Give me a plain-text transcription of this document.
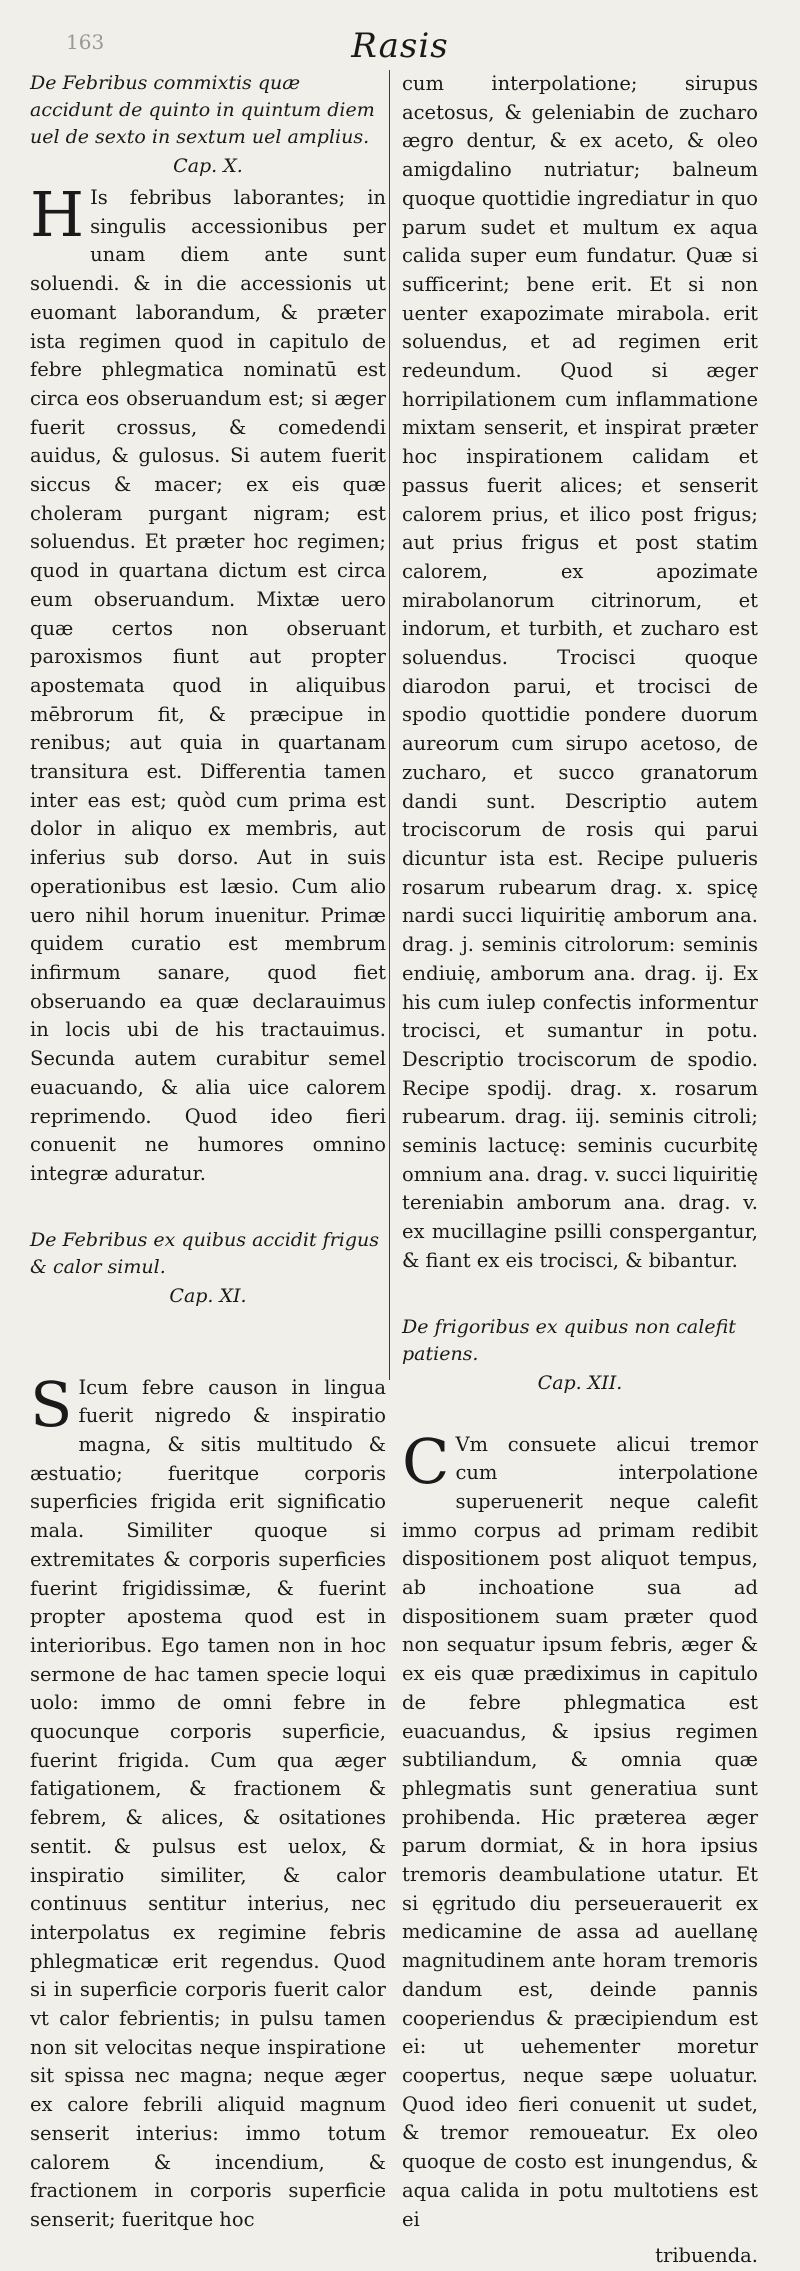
163	Rasis
De Febribus commixtis quæ accidunt de quinto in quintum diem uel de sexto in sextum uel amplius.
Cap. X.

H Is febribus laborantes; in singulis accessionibus per unam diem ante sunt soluendi. & in die accessionis ut euomant laborandum, & præter ista regimen quod in capitulo de febre phlegmatica nominatū est circa eos obseruandum est; si æger fuerit crossus, & comedendi auidus, & gulosus. Si autem fuerit siccus & macer; ex eis quæ choleram purgant nigram; est soluendus. Et præter hoc regimen; quod in quartana dictum est circa eum obseruandum. Mixtæ uero quæ certos non obseruant paroxismos fiunt aut propter apostemata quod in aliquibus mēbrorum fit, & præcipue in renibus; aut quia in quartanam transitura est. Differentia tamen inter eas est; quòd cum prima est dolor in aliquo ex membris, aut inferius sub dorso. Aut in suis operationibus est læsio. Cum alio uero nihil horum inuenitur. Primæ quidem curatio est membrum infirmum sanare, quod fiet obseruando ea quæ declarauimus in locis ubi de his tractauimus. Secunda autem curabitur semel euacuando, & alia uice calorem reprimendo. Quod ideo fieri conuenit ne humores omnino integræ aduratur.

De Febribus ex quibus accidit frigus & calor simul.
Cap. XI.

S Icum febre causon in lingua fuerit nigredo & inspiratio magna, & sitis multitudo & æstuatio; fueritque corporis superficies frigida erit significatio mala. Similiter quoque si extremitates & corporis superficies fuerint frigidissimæ, & fuerint propter apostema quod est in interioribus. Ego tamen non in hoc sermone de hac tamen specie loqui uolo: immo de omni febre in quocunque corporis superficie, fuerint frigida. Cum qua æger fatigationem, & fractionem & febrem, & alices, & ositationes sentit. & pulsus est uelox, & inspiratio similiter, & calor continuus sentitur interius, nec interpolatus ex regimine febris phlegmaticæ erit regendus. Quod si in superficie corporis fuerit calor vt calor febrientis; in pulsu tamen non sit velocitas neque inspiratione sit spissa nec magna; neque æger ex calore febrili aliquid magnum senserit interius: immo totum calorem & incendium, & fractionem in corporis superficie senserit; fueritque hoc

cum interpolatione; sirupus acetosus, & geleniabin de zucharo ægro dentur, & ex aceto, & oleo amigdalino nutriatur; balneum quoque quottidie ingrediatur in quo parum sudet et multum ex aqua calida super eum fundatur. Quæ si sufficerint; bene erit. Et si non uenter exapozimate mirabola. erit soluendus, et ad regimen erit redeundum. Quod si æger horripilationem cum inflammatione mixtam senserit, et inspirat præter hoc inspirationem calidam et passus fuerit alices; et senserit calorem prius, et ilico post frigus; aut prius frigus et post statim calorem, ex apozimate mirabolanorum citrinorum, et indorum, et turbith, et zucharo est soluendus. Trocisci quoque diarodon parui, et trocisci de spodio quottidie pondere duorum aureorum cum sirupo acetoso, de zucharo, et succo granatorum dandi sunt. Descriptio autem trociscorum de rosis qui parui dicuntur ista est. Recipe pulueris rosarum rubearum drag. x. spicę nardi succi liquiritię amborum ana. drag. j. seminis citrolorum: seminis endiuię, amborum ana. drag. ij. Ex his cum iulep confectis informentur trocisci, et sumantur in potu. Descriptio trociscorum de spodio. Recipe spodij. drag. x. rosarum rubearum. drag. iij. seminis citroli; seminis lactucę: seminis cucurbitę omnium ana. drag. v. succi liquiritię tereniabin amborum ana. drag. v. ex mucillagine psilli conspergantur, & fiant ex eis trocisci, & bibantur.

De frigoribus ex quibus non calefit patiens.
Cap. XII.

C Vm consuete alicui tremor cum interpolatione superuenerit neque calefit immo corpus ad primam redibit dispositionem post aliquot tempus, ab inchoatione sua ad dispositionem suam præter quod non sequatur ipsum febris, æger & ex eis quæ prædiximus in capitulo de febre phlegmatica est euacuandus, & ipsius regimen subtiliandum, & omnia quæ phlegmatis sunt generatiua sunt prohibenda. Hic præterea æger parum dormiat, & in hora ipsius tremoris deambulatione utatur. Et si ęgritudo diu perseuerauerit ex medicamine de assa ad auellanę magnitudinem ante horam tremoris dandum est, deinde pannis cooperiendus & præcipiendum est ei: ut uehementer moretur coopertus, neque sæpe uoluatur. Quod ideo fieri conuenit ut sudet, & tremor remoueatur. Ex oleo quoque de costo est inungendus, & aqua calida in potu multotiens est ei

tribuenda.
